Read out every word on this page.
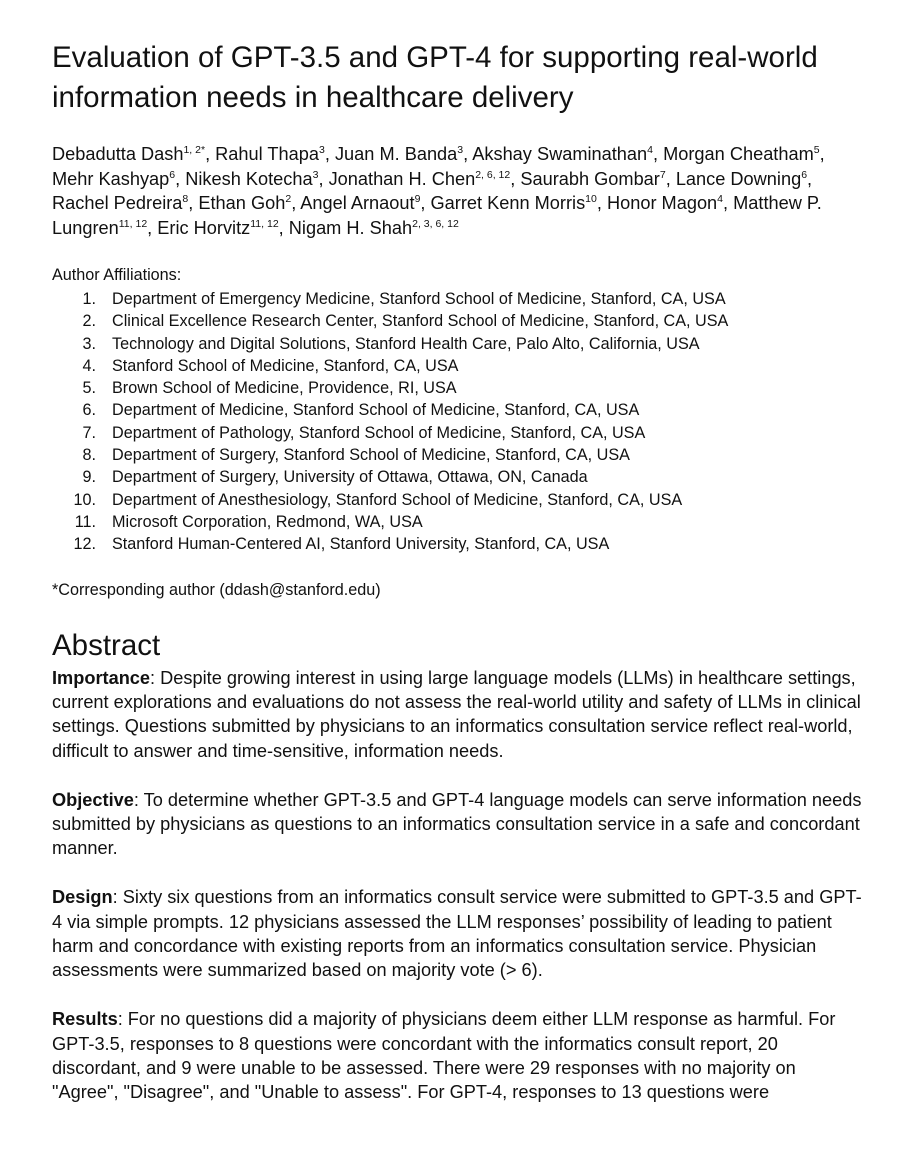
Evaluation of GPT-3.5 and GPT-4 for supporting real-world
information needs in healthcare delivery
Debadutta Dash$^{1, 2*}$, Rahul Thapa$^3$, Juan M. Banda$^3$, Akshay Swaminathan$^4$, Morgan Cheatham$^5$, Mehr Kashyap$^6$, Nikesh Kotecha$^3$, Jonathan H. Chen$^{2, 6, 12}$, Saurabh Gombar$^7$, Lance Downing$^6$, Rachel Pedreira$^8$, Ethan Goh$^2$, Angel Arnaout$^9$, Garret Kenn Morris$^{10}$, Honor Magon$^4$, Matthew P. Lungren$^{11, 12}$, Eric Horvitz$^{11, 12}$, Nigam H. Shah$^{2, 3, 6, 12}$
Author Affiliations:
1. Department of Emergency Medicine, Stanford School of Medicine, Stanford, CA, USA
2. Clinical Excellence Research Center, Stanford School of Medicine, Stanford, CA, USA
3. Technology and Digital Solutions, Stanford Health Care, Palo Alto, California, USA
4. Stanford School of Medicine, Stanford, CA, USA
5. Brown School of Medicine, Providence, RI, USA
6. Department of Medicine, Stanford School of Medicine, Stanford, CA, USA
7. Department of Pathology, Stanford School of Medicine, Stanford, CA, USA
8. Department of Surgery, Stanford School of Medicine, Stanford, CA, USA
9. Department of Surgery, University of Ottawa, Ottawa, ON, Canada
10. Department of Anesthesiology, Stanford School of Medicine, Stanford, CA, USA
11. Microsoft Corporation, Redmond, WA, USA
12. Stanford Human-Centered AI, Stanford University, Stanford, CA, USA
*Corresponding author (ddash@stanford.edu)
Abstract

Importance: Despite growing interest in using large language models (LLMs) in healthcare settings, current explorations and evaluations do not assess the real-world utility and safety of LLMs in clinical settings. Questions submitted by physicians to an informatics consultation service reflect real-world, difficult to answer and time-sensitive, information needs.

Objective: To determine whether GPT-3.5 and GPT-4 language models can serve information needs submitted by physicians as questions to an informatics consultation service in a safe and concordant manner.

Design: Sixty six questions from an informatics consult service were submitted to GPT-3.5 and GPT-4 via simple prompts. 12 physicians assessed the LLM responses’ possibility of leading to patient harm and concordance with existing reports from an informatics consultation service. Physician assessments were summarized based on majority vote (> 6).

Results: For no questions did a majority of physicians deem either LLM response as harmful. For GPT-3.5, responses to 8 questions were concordant with the informatics consult report, 20 discordant, and 9 were unable to be assessed. There were 29 responses with no majority on "Agree", "Disagree", and "Unable to assess". For GPT-4, responses to 13 questions were
